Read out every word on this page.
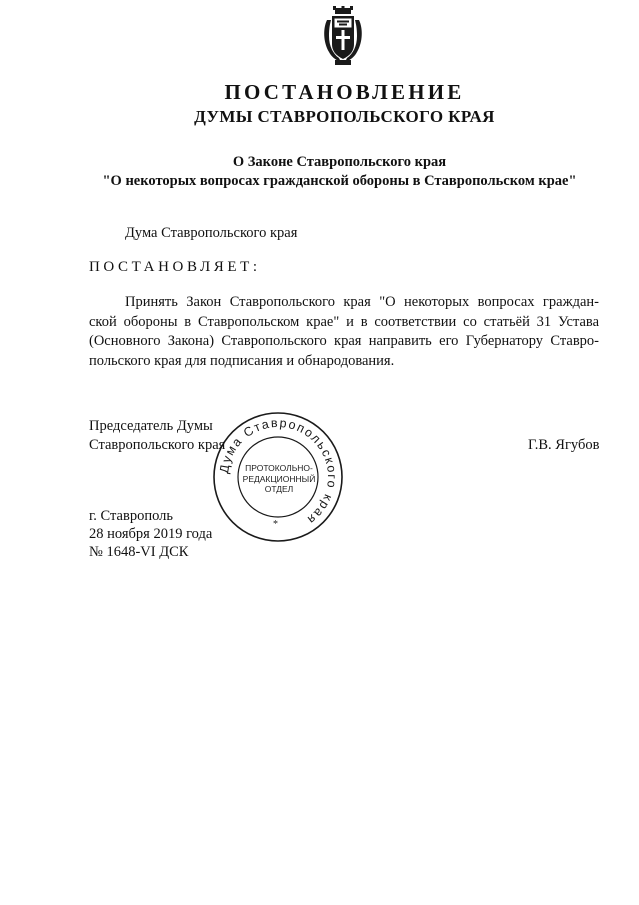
ПОСТАНОВЛЕНИЕ
ДУМЫ СТАВРОПОЛЬСКОГО КРАЯ

О Законе Ставропольского края

"О некоторых вопросах гражданской обороны в Ставропольском крае"

Дума Ставропольского края

ПОСТАНОВЛЯЕТ:

Принять Закон Ставропольского края "О некоторых вопросах граждан-
ской обороны в Ставропольском крае" и в соответствии со статьёй 31 Устава
(Основного Закона) Ставропольского края направить его Губернатору Ставро-
польского края для подписания и обнародования.

Дума Ставропольского края

ПРОТОКОЛЬНО-
РЕДАКЦИОННЫЙ
ОТДЕЛ

*

Председатель Думы

Ставропольского края	Г.В. Ягубов

г. Ставрополь

28 ноября 2019 года

№ 1648-VI ДСК
